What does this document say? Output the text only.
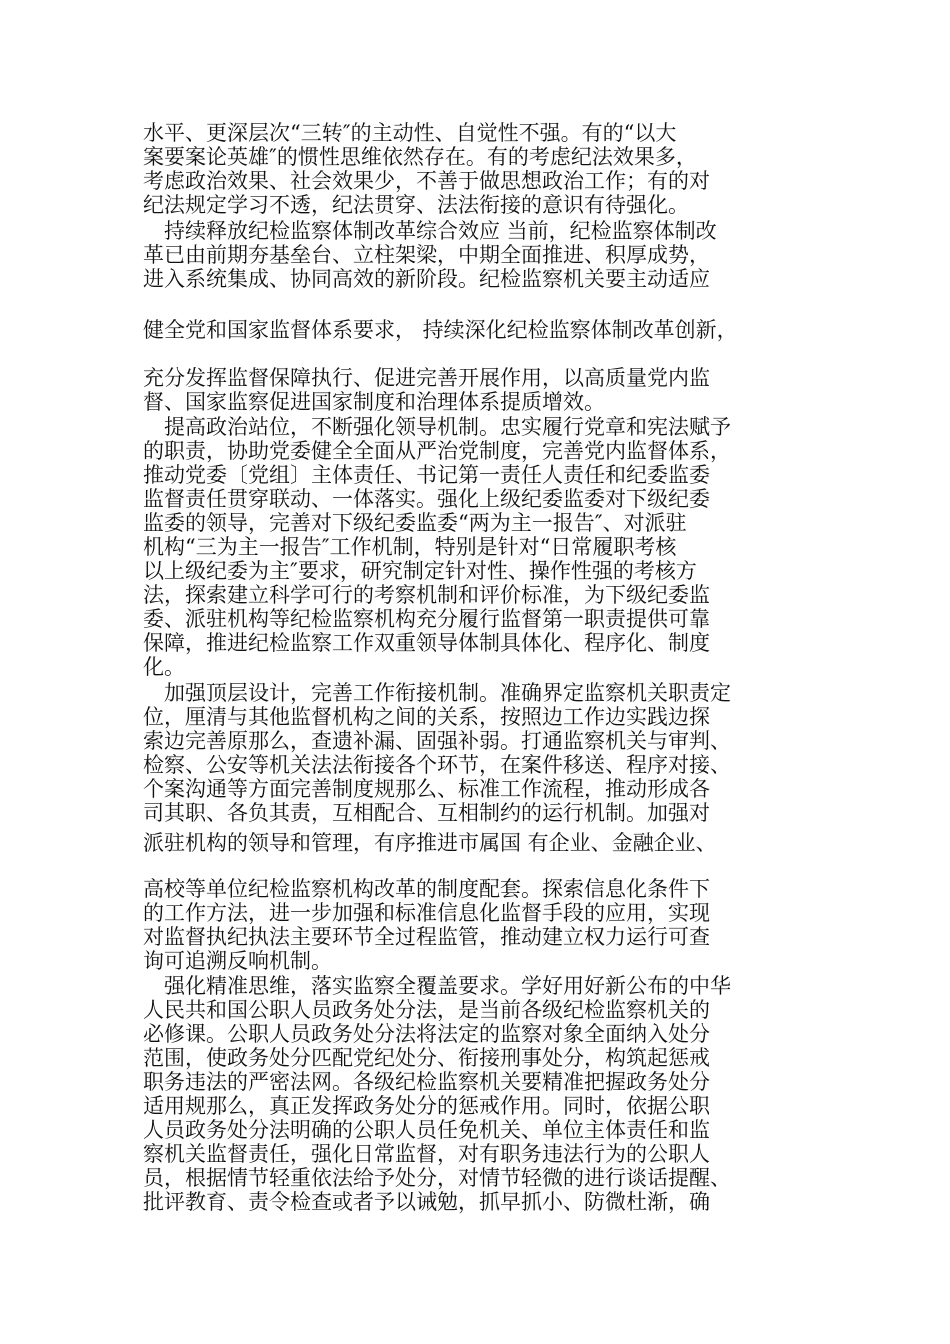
水平、更深层次“三转″的主动性、自觉性不强。有的“以大
案要案论英雄″的惯性思维依然存在。有的考虑纪法效果多，
考虑政治效果、社会效果少，不善于做思想政治工作；有的对
纪法规定学习不透，纪法贯穿、法法衔接的意识有待强化。

持续释放纪检监察体制改革综合效应 当前，纪检监察体制改
革已由前期夯基垒台、立柱架梁，中期全面推进、积厚成势，
进入系统集成、协同高效的新阶段。纪检监察机关要主动适应

健全党和国家监督体系要求， 持续深化纪检监察体制改革创新，

充分发挥监督保障执行、促进完善开展作用，以高质量党内监
督、国家监察促进国家制度和治理体系提质增效。

提高政治站位，不断强化领导机制。忠实履行党章和宪法赋予
的职责，协助党委健全全面从严治党制度，完善党内监督体系，
推动党委〔党组〕主体责任、书记第一责任人责任和纪委监委
监督责任贯穿联动、一体落实。强化上级纪委监委对下级纪委
监委的领导，完善对下级纪委监委“两为主一报告″、对派驻
机构“三为主一报告″工作机制，特别是针对“日常履职考核
以上级纪委为主″要求，研究制定针对性、操作性强的考核方
法，探索建立科学可行的考察机制和评价标准，为下级纪委监
委、派驻机构等纪检监察机构充分履行监督第一职责提供可靠
保障，推进纪检监察工作双重领导体制具体化、程序化、制度
化。

加强顶层设计，完善工作衔接机制。准确界定监察机关职责定
位，厘清与其他监督机构之间的关系，按照边工作边实践边探
索边完善原那么，查遗补漏、固强补弱。打通监察机关与审判、
检察、公安等机关法法衔接各个环节，在案件移送、程序对接、
个案沟通等方面完善制度规那么、标准工作流程，推动形成各
司其职、各负其责，互相配合、互相制约的运行机制。加强对

派驻机构的领导和管理，有序推进市属国 有企业、金融企业、

高校等单位纪检监察机构改革的制度配套。探索信息化条件下
的工作方法，进一步加强和标准信息化监督手段的应用，实现
对监督执纪执法主要环节全过程监管，推动建立权力运行可查
询可追溯反响机制。

强化精准思维，落实监察全覆盖要求。学好用好新公布的中华
人民共和国公职人员政务处分法，是当前各级纪检监察机关的
必修课。公职人员政务处分法将法定的监察对象全面纳入处分
范围，使政务处分匹配党纪处分、衔接刑事处分，构筑起惩戒
职务违法的严密法网。各级纪检监察机关要精准把握政务处分
适用规那么，真正发挥政务处分的惩戒作用。同时，依据公职
人员政务处分法明确的公职人员任免机关、单位主体责任和监
察机关监督责任，强化日常监督，对有职务违法行为的公职人
员，根据情节轻重依法给予处分，对情节轻微的进行谈话提醒、
批评教育、责令检查或者予以诫勉，抓早抓小、防微杜渐，确
